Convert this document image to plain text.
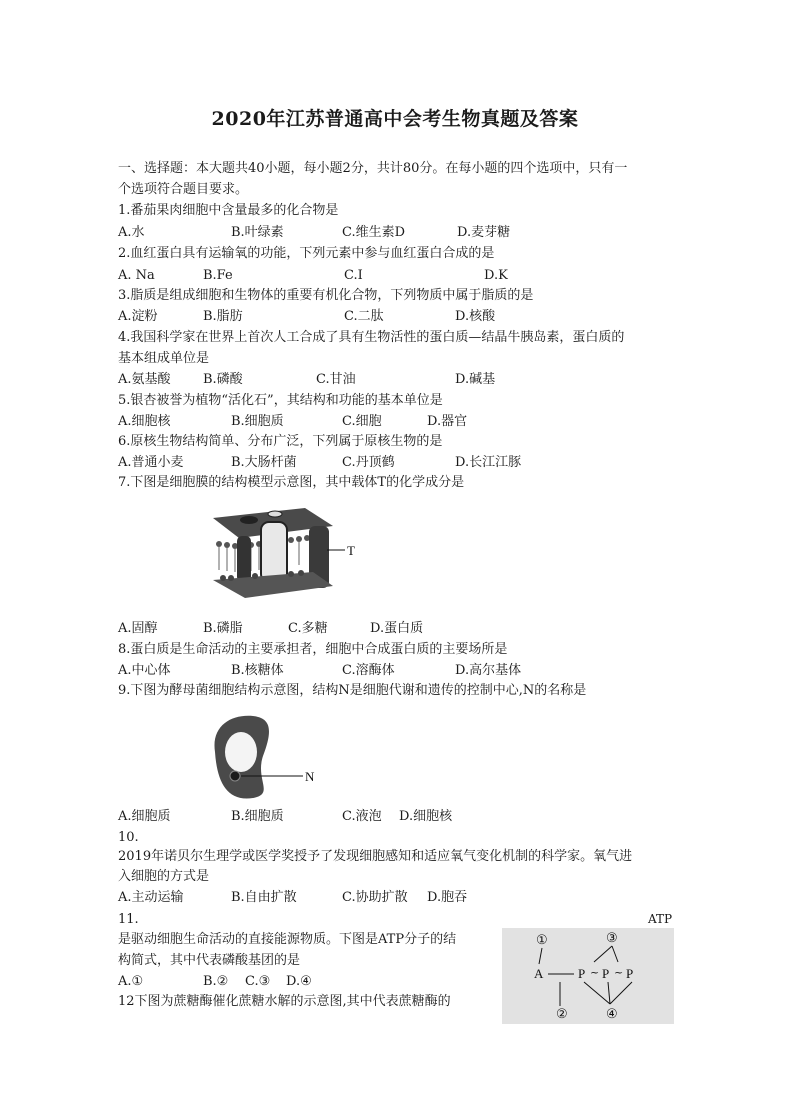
2020年江苏普通高中会考生物真题及答案
一、选择题：本大题共40小题，每小题2分，共计80分。在每小题的四个选项中，只有一
个选项符合题目要求。
1.番茄果肉细胞中含量最多的化合物是
A.水	B.叶绿素	C.维生素D	D.麦芽糖
2.血红蛋白具有运输氧的功能，下列元素中参与血红蛋白合成的是
A. Na	B.Fe	C.I	D.K
3.脂质是组成细胞和生物体的重要有机化合物，下列物质中属于脂质的是
A.淀粉	B.脂肪	C.二肽	D.核酸
4.我国科学家在世界上首次人工合成了具有生物活性的蛋白质—结晶牛胰岛素，蛋白质的
基本组成单位是
A.氨基酸 B.磷酸	C.甘油	D.碱基
5.银杏被誉为植物“活化石”，其结构和功能的基本单位是
A.细胞核	B.细胞质	C.细胞	D.器官
6.原核生物结构简单、分布广泛，下列属于原核生物的是
A.普通小麦	B.大肠杆菌	C.丹顶鹤	D.长江江豚
7.下图是细胞膜的结构模型示意图，其中载体T的化学成分是
T
A.固醇	B.磷脂	C.多糖	D.蛋白质
8.蛋白质是生命活动的主要承担者，细胞中合成蛋白质的主要场所是
A.中心体	B.核糖体	C.溶酶体	D.高尔基体
9.下图为酵母菌细胞结构示意图，结构N是细胞代谢和遗传的控制中心,N的名称是
N
A.细胞质	B.细胞质	C.液泡 D.细胞核
10.
2019年诺贝尔生理学或医学奖授予了发现细胞感知和适应氧气变化机制的科学家。氧气进
入细胞的方式是
A.主动运输	B.自由扩散	C.协助扩散 D.胞吞
11.	ATP
是驱动细胞生命活动的直接能源物质。下图是ATP分子的结
构简式，其中代表磷酸基团的是
A.①	B.② C.③ D.④
①	③
A	P P P
②	④
~ ~
12下图为蔗糖酶催化蔗糖水解的示意图,其中代表蔗糖酶的
